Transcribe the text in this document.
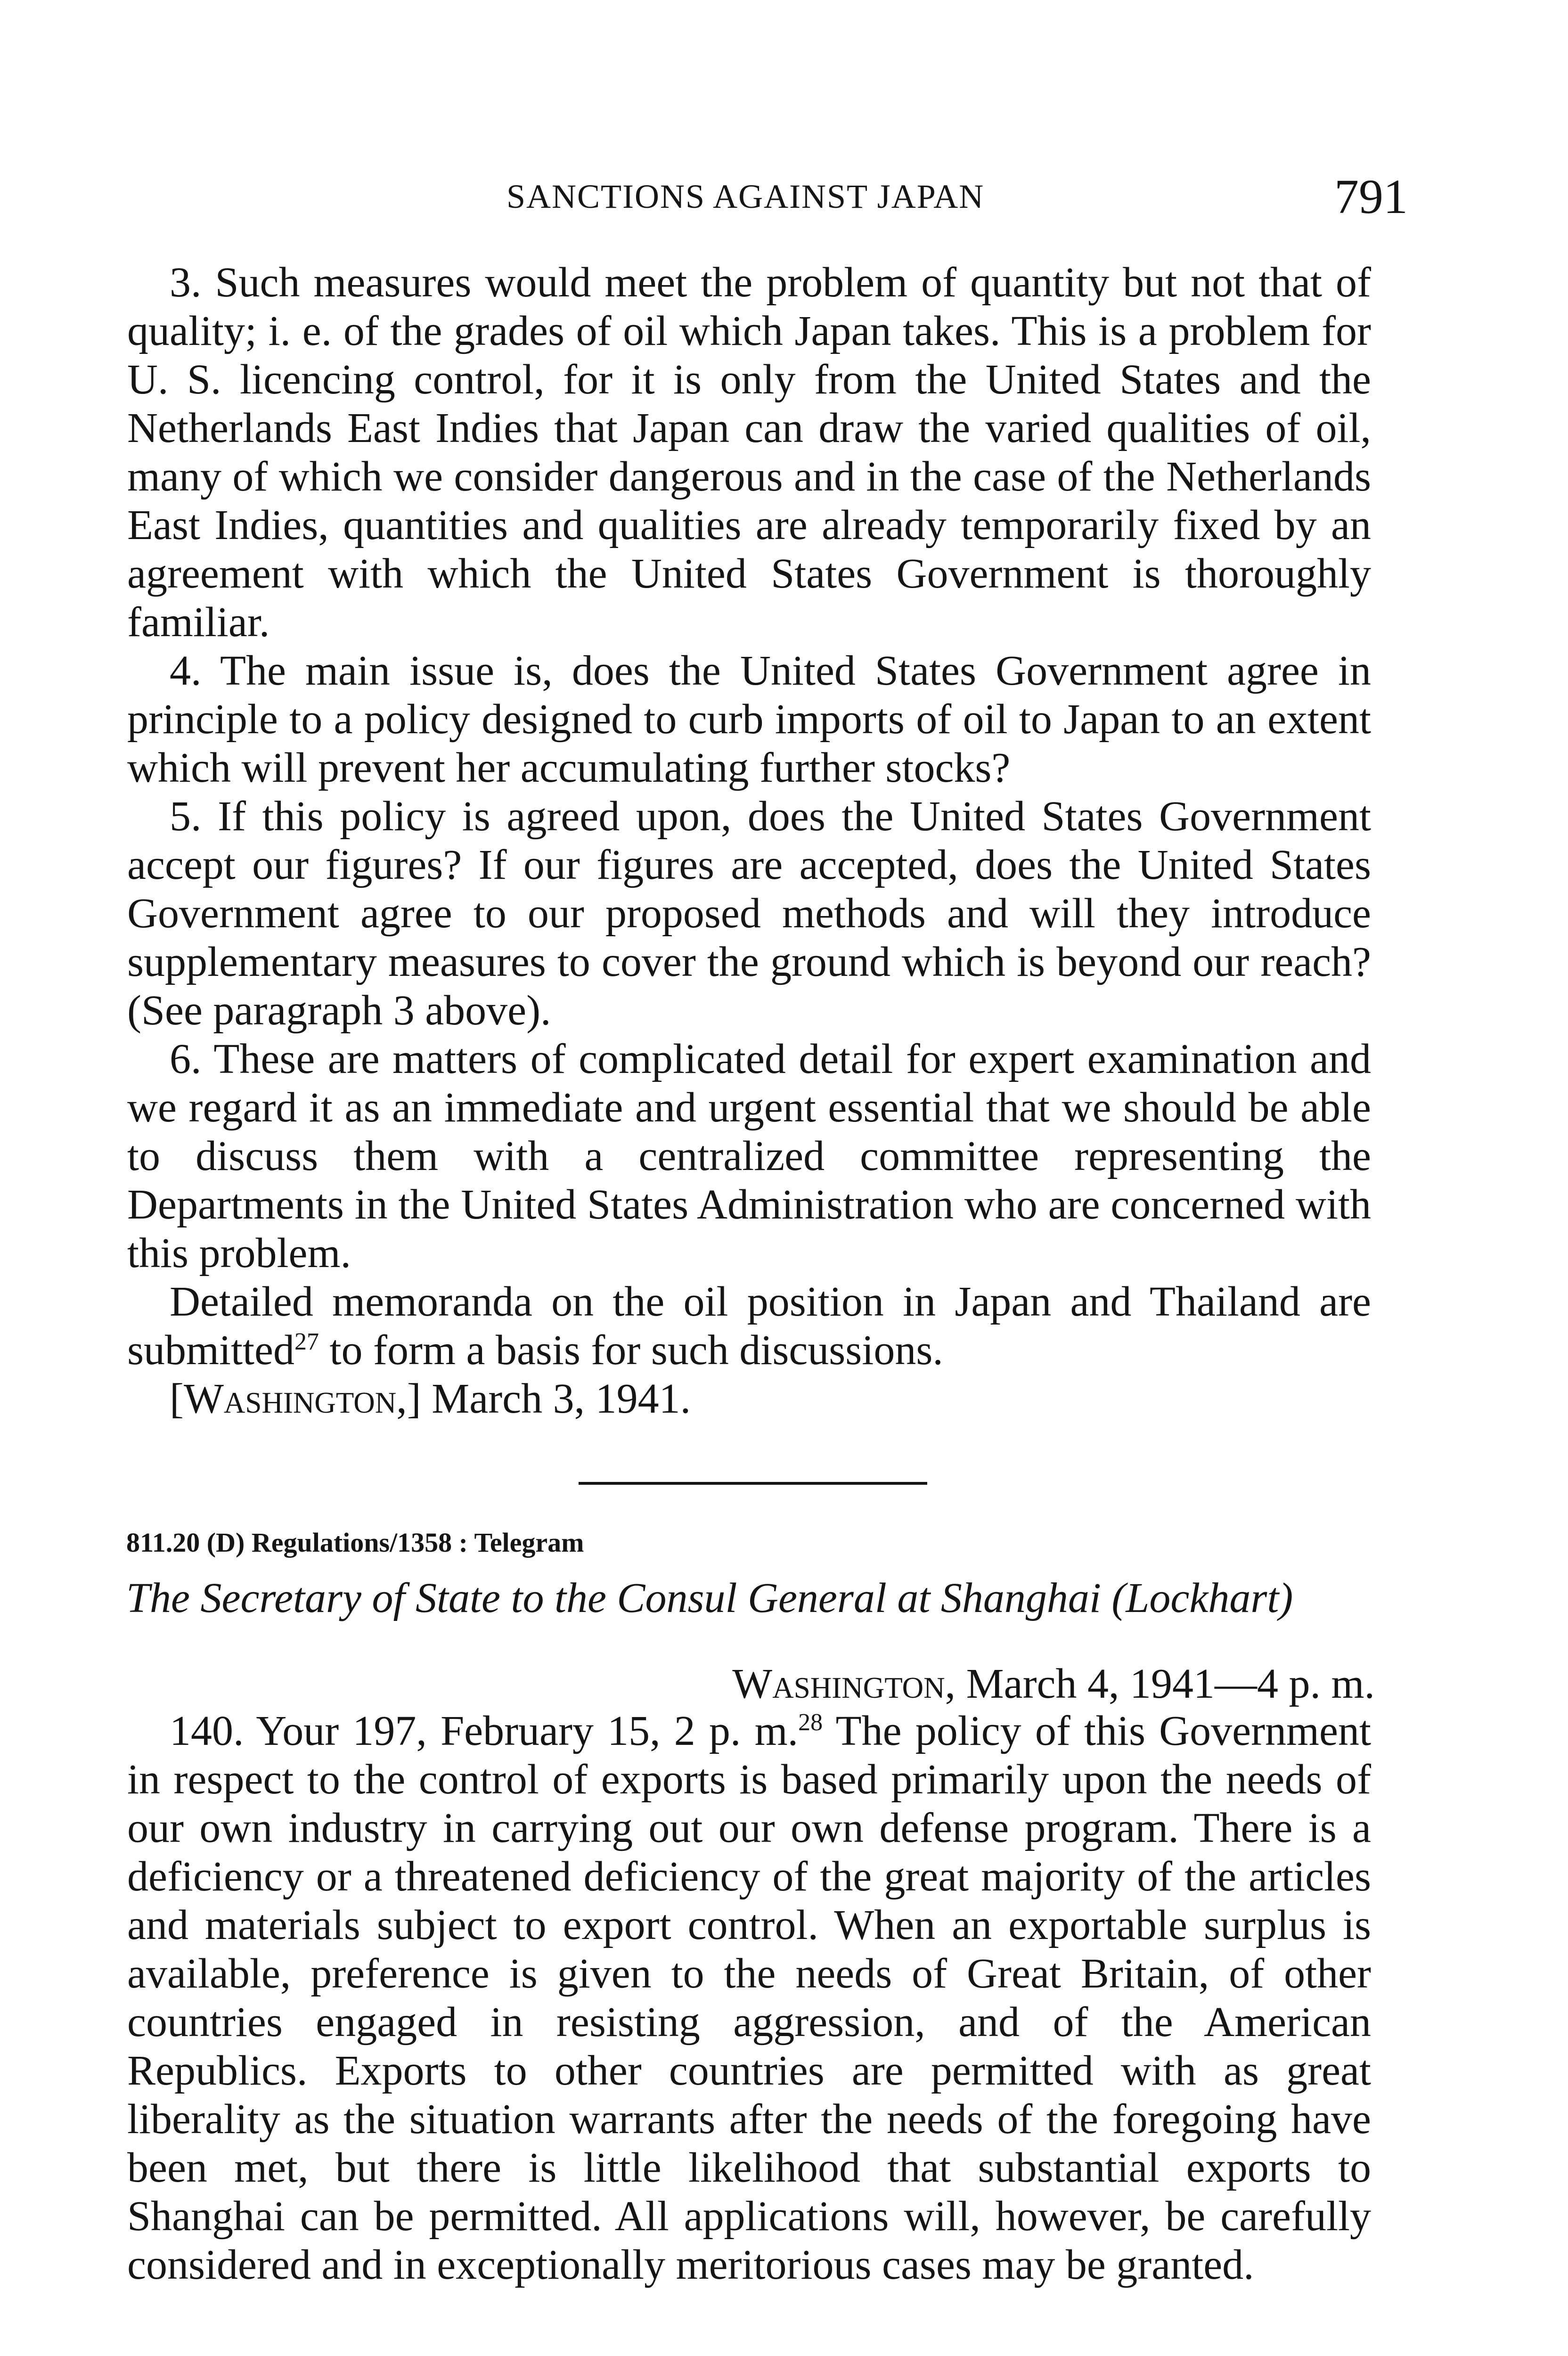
SANCTIONS AGAINST JAPAN	791

3. Such measures would meet the problem of quantity but not that of quality; i. e. of the grades of oil which Japan takes. This is a problem for U. S. licencing control, for it is only from the United States and the Netherlands East Indies that Japan can draw the varied qualities of oil, many of which we consider dangerous and in the case of the Netherlands East Indies, quantities and qualities are already temporarily fixed by an agreement with which the United States Government is thoroughly familiar.

4. The main issue is, does the United States Government agree in principle to a policy designed to curb imports of oil to Japan to an extent which will prevent her accumulating further stocks?

5. If this policy is agreed upon, does the United States Government accept our figures? If our figures are accepted, does the United States Government agree to our proposed methods and will they introduce supplementary measures to cover the ground which is beyond our reach? (See paragraph 3 above).

6. These are matters of complicated detail for expert examination and we regard it as an immediate and urgent essential that we should be able to discuss them with a centralized committee representing the Departments in the United States Administration who are concerned with this problem.

Detailed memoranda on the oil position in Japan and Thailand are submitted$^{27}$ to form a basis for such discussions.

[Washington,] March 3, 1941.

811.20 (D) Regulations/1358 : Telegram
The Secretary of State to the Consul General at Shanghai (Lockhart)
Washington, March 4, 1941—4 p. m.

140. Your 197, February 15, 2 p. m.$^{28}$ The policy of this Government in respect to the control of exports is based primarily upon the needs of our own industry in carrying out our own defense program. There is a deficiency or a threatened deficiency of the great majority of the articles and materials subject to export control. When an exportable surplus is available, preference is given to the needs of Great Britain, of other countries engaged in resisting aggression, and of the American Republics. Exports to other countries are permitted with as great liberality as the situation warrants after the needs of the foregoing have been met, but there is little likelihood that substantial exports to Shanghai can be permitted. All applications will, however, be carefully considered and in exceptionally meritorious cases may be granted.
